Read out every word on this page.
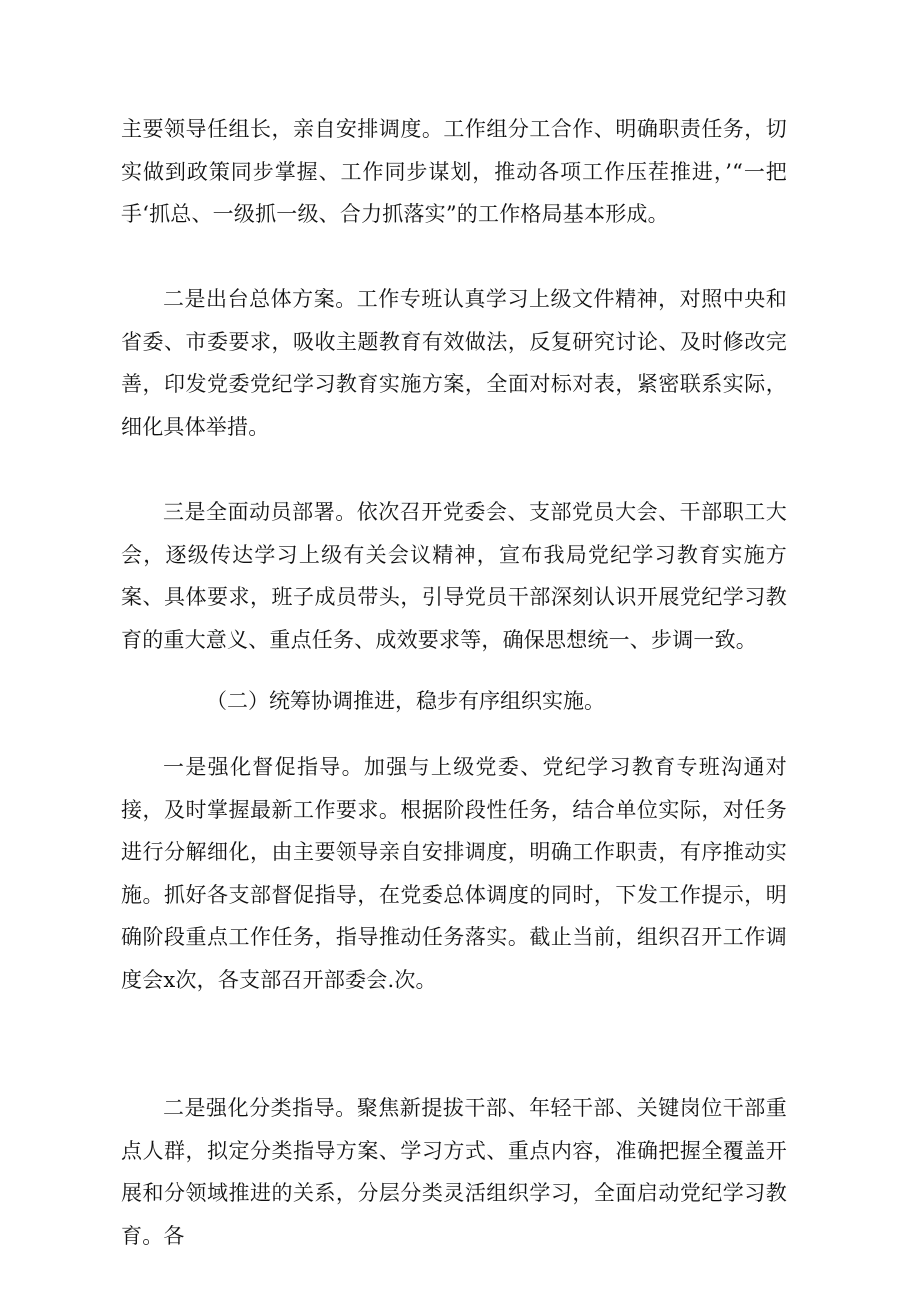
主要领导任组长，亲自安排调度。工作组分工合作、明确职责任务，切实做到政策同步掌握、工作同步谋划，推动各项工作压茬推进，’“一把手‘抓总、一级抓一级、合力抓落实”的工作格局基本形成。

二是出台总体方案。工作专班认真学习上级文件精神，对照中央和省委、市委要求，吸收主题教育有效做法，反复研究讨论、及时修改完善，印发党委党纪学习教育实施方案，全面对标对表，紧密联系实际，细化具体举措。

三是全面动员部署。依次召开党委会、支部党员大会、干部职工大会，逐级传达学习上级有关会议精神，宣布我局党纪学习教育实施方案、具体要求，班子成员带头，引导党员干部深刻认识开展党纪学习教育的重大意义、重点任务、成效要求等，确保思想统一、步调一致。

（二）统筹协调推进，稳步有序组织实施。

一是强化督促指导。加强与上级党委、党纪学习教育专班沟通对接，及时掌握最新工作要求。根据阶段性任务，结合单位实际，对任务进行分解细化，由主要领导亲自安排调度，明确工作职责，有序推动实施。抓好各支部督促指导，在党委总体调度的同时，下发工作提示，明确阶段重点工作任务，指导推动任务落实。截止当前，组织召开工作调度会x次，各支部召开部委会.次。

二是强化分类指导。聚焦新提拔干部、年轻干部、关键岗位干部重点人群，拟定分类指导方案、学习方式、重点内容，准确把握全覆盖开展和分领域推进的关系，分层分类灵活组织学习，全面启动党纪学习教育。各
